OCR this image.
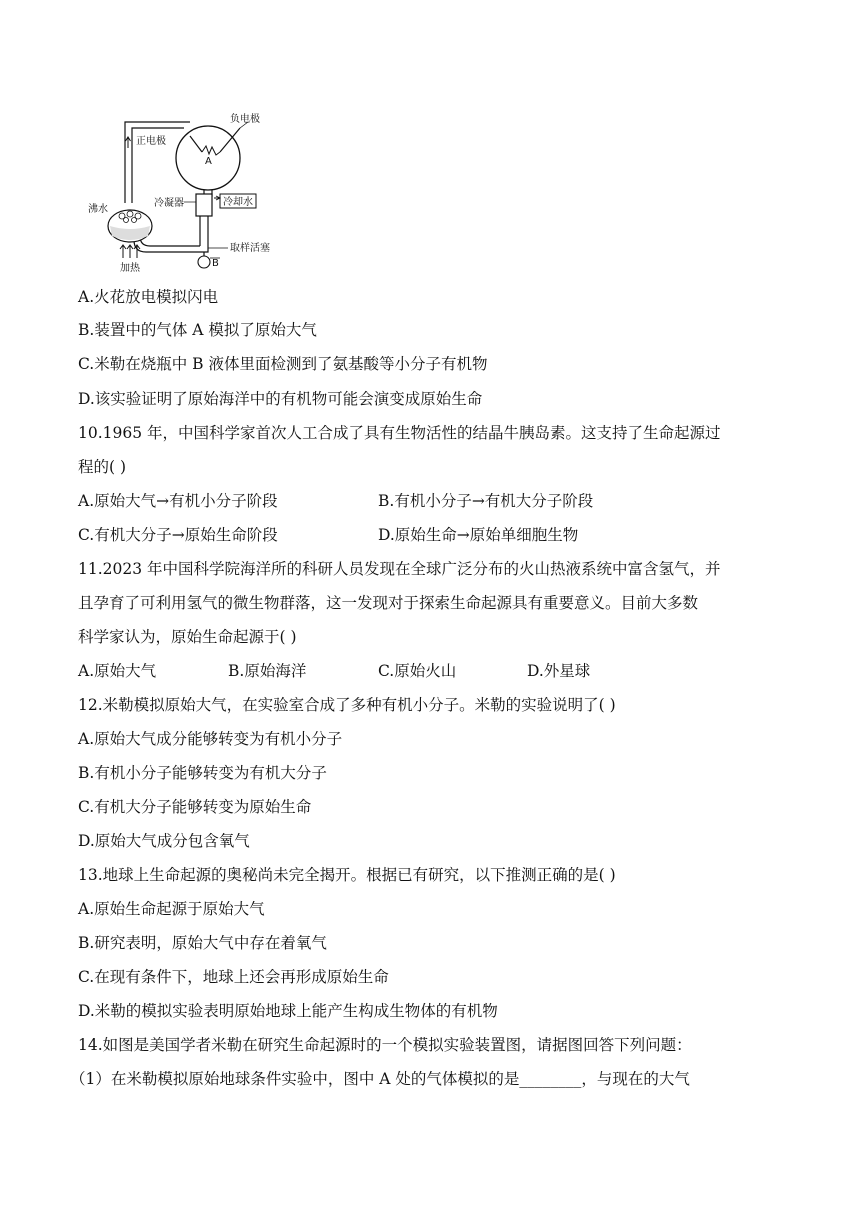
负电极
正电极
A
沸水
冷凝器	冷却水
取样活塞
B
加热
A.火花放电模拟闪电
B.装置中的气体 A 模拟了原始大气
C.米勒在烧瓶中 B 液体里面检测到了氨基酸等小分子有机物
D.该实验证明了原始海洋中的有机物可能会演变成原始生命
10.1965 年，中国科学家首次人工合成了具有生物活性的结晶牛胰岛素。这支持了生命起源过
程的( )
A.原始大气→有机小分子阶段	B.有机小分子→有机大分子阶段
C.有机大分子→原始生命阶段	D.原始生命→原始单细胞生物
11.2023 年中国科学院海洋所的科研人员发现在全球广泛分布的火山热液系统中富含氢气，并
且孕育了可利用氢气的微生物群落，这一发现对于探索生命起源具有重要意义。目前大多数
科学家认为，原始生命起源于( )
A.原始大气	B.原始海洋	C.原始火山	D.外星球
12.米勒模拟原始大气，在实验室合成了多种有机小分子。米勒的实验说明了( )
A.原始大气成分能够转变为有机小分子
B.有机小分子能够转变为有机大分子
C.有机大分子能够转变为原始生命
D.原始大气成分包含氧气
13.地球上生命起源的奥秘尚未完全揭开。根据已有研究，以下推测正确的是( )
A.原始生命起源于原始大气
B.研究表明，原始大气中存在着氧气
C.在现有条件下，地球上还会再形成原始生命
D.米勒的模拟实验表明原始地球上能产生构成生物体的有机物
14.如图是美国学者米勒在研究生命起源时的一个模拟实验装置图，请据图回答下列问题：
（1）在米勒模拟原始地球条件实验中，图中 A 处的气体模拟的是________，与现在的大气
